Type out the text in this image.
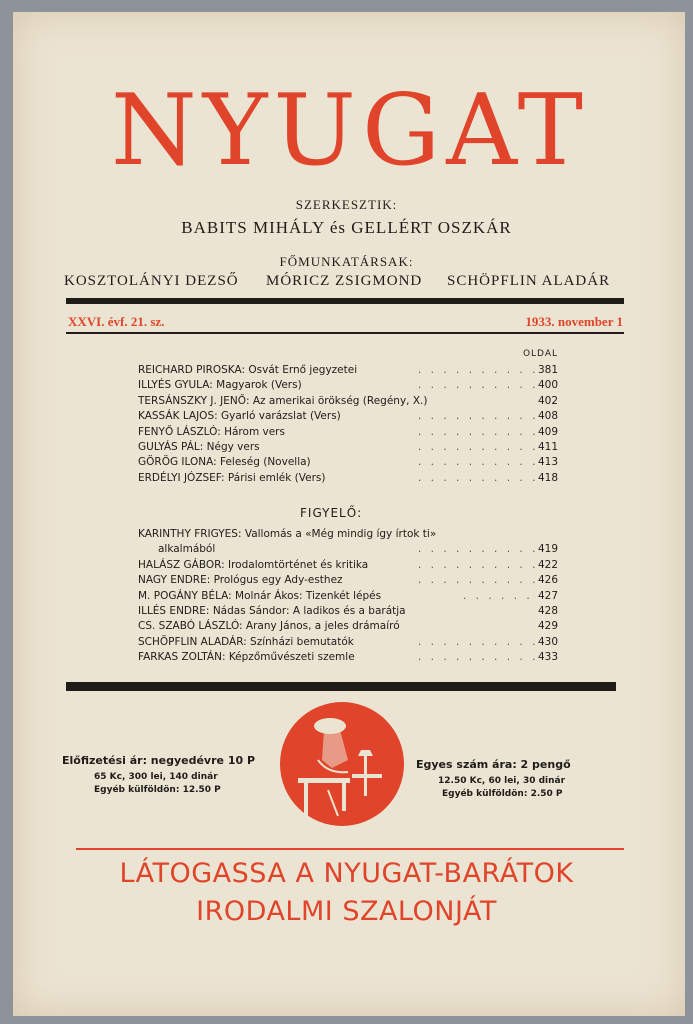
NYUGAT
SZERKESZTIK:
BABITS MIHÁLY és GELLÉRT OSZKÁR
FŐMUNKATÁRSAK:
KOSZTOLÁNYI DEZSŐ MÓRICZ ZSIGMOND SCHÖPFLIN ALADÁR
XXVI. évf. 21. sz.	1933. november 1
OLDAL
REICHARD PIROSKA: Osvát Ernő jegyzetei	. . . . . . . . . . 381
ILLYÉS GYULA: Magyarok (Vers)	. . . . . . . . . . 400
TERSÁNSZKY J. JENŐ: Az amerikai örökség (Regény, X.)	402
KASSÁK LAJOS: Gyarló varázslat (Vers)	. . . . . . . . . . 408
FENYŐ LÁSZLÓ: Három vers	. . . . . . . . . . 409
GULYÁS PÁL: Négy vers	. . . . . . . . . . 411
GÖRÖG ILONA: Feleség (Novella)	. . . . . . . . . . 413
ERDÉLYI JÓZSEF: Párisi emlék (Vers)	. . . . . . . . . . 418
FIGYELŐ:
KARINTHY FRIGYES: Vallomás a «Még mindig így írtok ti»
alkalmából	. . . . . . . . . . 419
HALÁSZ GÁBOR: Irodalomtörténet és kritika	. . . . . . . . . . 422
NAGY ENDRE: Prológus egy Ady-esthez	. . . . . . . . . . 426
M. POGÁNY BÉLA: Molnár Ákos: Tizenkét lépés	. . . . . . 427
ILLÉS ENDRE: Nádas Sándor: A ladikos és a barátja	428
CS. SZABÓ LÁSZLÓ: Arany János, a jeles drámaíró	429
SCHÖPFLIN ALADÁR: Színházi bemutatók	. . . . . . . . . . 430
FARKAS ZOLTÁN: Képzőművészeti szemle	. . . . . . . . . . 433
Előfizetési ár: negyedévre 10 P
65 Kc, 300 lei, 140 dinár
Egyéb külföldön: 12.50 P
Egyes szám ára: 2 pengő
12.50 Kc, 60 lei, 30 dinár
Egyéb külföldön: 2.50 P
LÁTOGASSA A NYUGAT-BARÁTOK
IRODALMI SZALONJÁT
